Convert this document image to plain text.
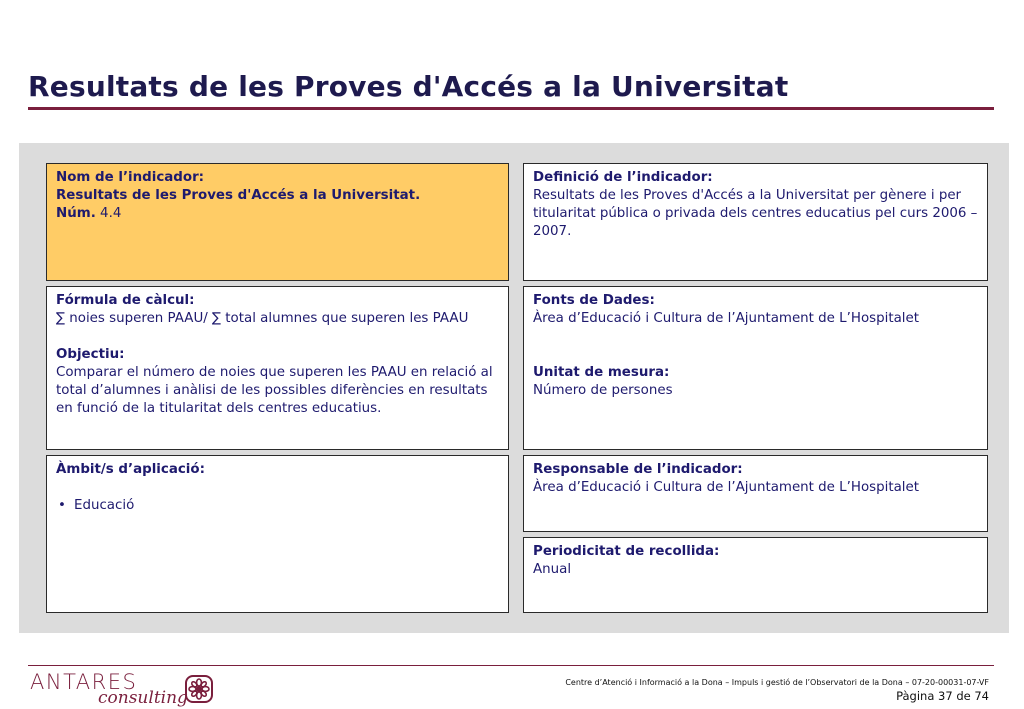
Resultats de les Proves d'Accés a la Universitat
Nom de l’indicador:
Resultats de les Proves d'Accés a la Universitat.
Núm. 4.4
Definició de l’indicador:
Resultats de les Proves d'Accés a la Universitat per gènere i per titularitat pública o privada dels centres educatius pel curs 2006 – 2007.
Fórmula de càlcul:
∑ noies superen PAAU/ ∑ total alumnes que superen les PAAU
Objectiu:
Comparar el número de noies que superen les PAAU en relació al total d’alumnes i anàlisi de les possibles diferències en resultats en funció de la titularitat dels centres educatius.
Fonts de Dades:
Àrea d’Educació i Cultura de l’Ajuntament de L’Hospitalet
Unitat de mesura:
Número de persones
Àmbit/s d’aplicació:
• Educació
Responsable de l’indicador:
Àrea d’Educació i Cultura de l’Ajuntament de L’Hospitalet
Periodicitat de recollida:
Anual
ANTARES
consulting
Centre d’Atenció i Informació a la Dona – Impuls i gestió de l’Observatori de la Dona – 07-20-00031-07-VF
Pàgina 37 de 74
